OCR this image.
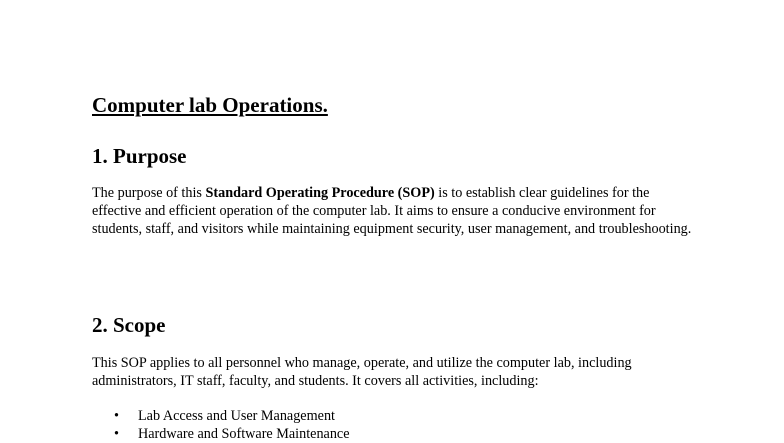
Computer lab Operations.
1. Purpose

The purpose of this Standard Operating Procedure (SOP) is to establish clear guidelines for the effective and efficient operation of the computer lab. It aims to ensure a conducive environment for students, staff, and visitors while maintaining equipment security, user management, and troubleshooting.

2. Scope

This SOP applies to all personnel who manage, operate, and utilize the computer lab, including administrators, IT staff, faculty, and students. It covers all activities, including:

• Lab Access and User Management
• Hardware and Software Maintenance
